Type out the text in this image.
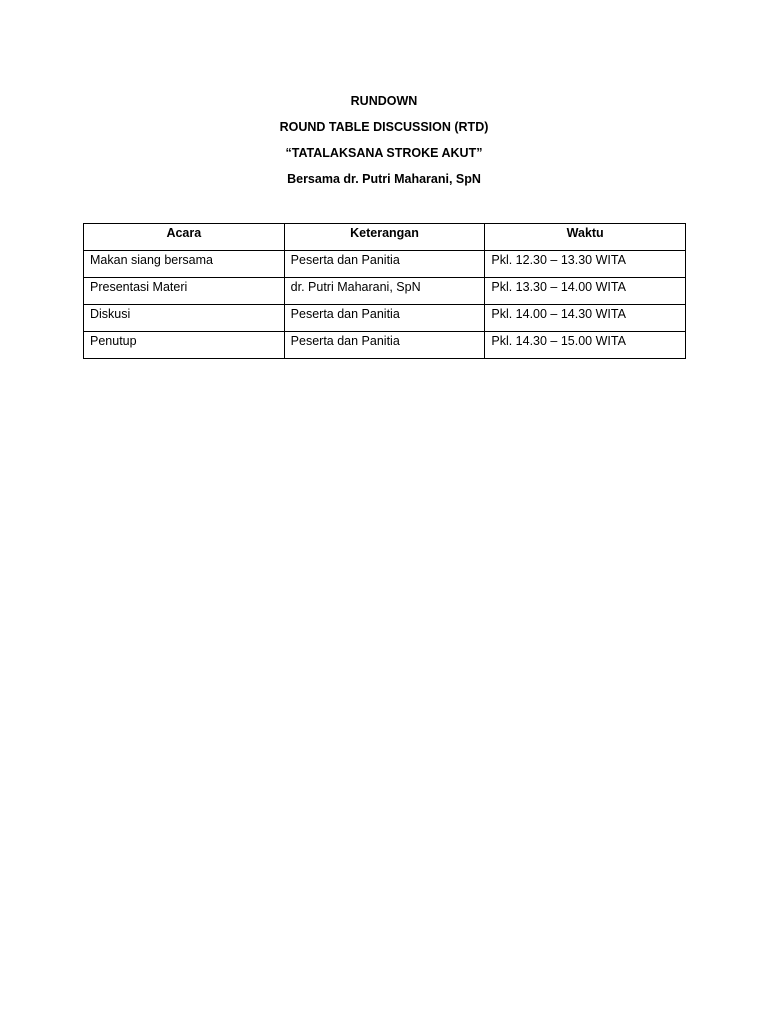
RUNDOWN
ROUND TABLE DISCUSSION (RTD)
“TATALAKSANA STROKE AKUT”
Bersama dr. Putri Maharani, SpN
Acara	Keterangan	Waktu
Makan siang bersama	Peserta dan Panitia	Pkl. 12.30 – 13.30 WITA
Presentasi Materi	dr. Putri Maharani, SpN	Pkl. 13.30 – 14.00 WITA
Diskusi	Peserta dan Panitia	Pkl. 14.00 – 14.30 WITA
Penutup	Peserta dan Panitia	Pkl. 14.30 – 15.00 WITA
